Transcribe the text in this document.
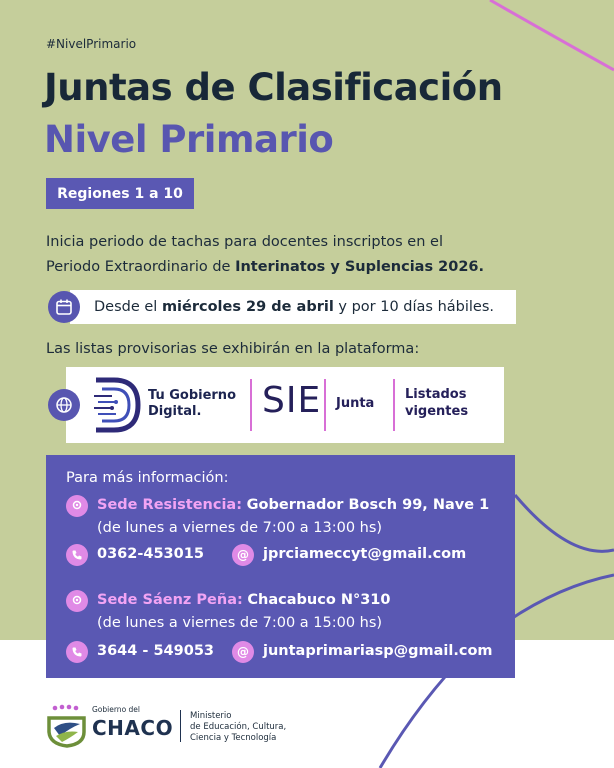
#NivelPrimario
Juntas de Clasificación
Nivel Primario
Regiones 1 a 10
Inicia periodo de tachas para docentes inscriptos en el
Periodo Extraordinario de Interinatos y Suplencias 2026.
Desde el miércoles 29 de abril y por 10 días hábiles.
Las listas provisorias se exhibirán en la plataforma:
Tu Gobierno
Digital.	SIE Junta
Listados
vigentes
Para más información:
Sede Resistencia: Gobernador Bosch 99, Nave 1
(de lunes a viernes de 7:00 a 13:00 hs)
0362-453015	@ jprciameccyt@gmail.com
Sede Sáenz Peña: Chacabuco N°310
(de lunes a viernes de 7:00 a 15:00 hs)
3644 - 549053 @ juntaprimariasp@gmail.com
Gobierno del
CHACO Ministerio
de Educación, Cultura,
Ciencia y Tecnología
